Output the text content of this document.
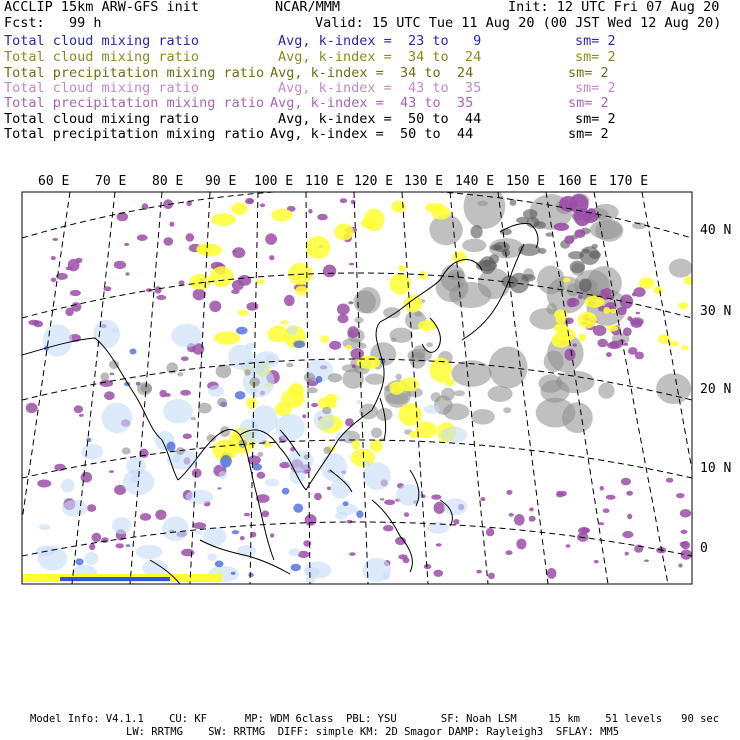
ACCLIP 15km ARW-GFS init	NCAR/MMM	Init: 12 UTC Fri 07 Aug 20
Fcst:   99 h	Valid: 15 UTC Tue 11 Aug 20 (00 JST Wed 12 Aug 20)
Total cloud mixing ratio	Avg, k-index =  23 to   9	sm= 2
Total cloud mixing ratio	Avg, k-index =  34 to  24	sm= 2
Total precipitation mixing ratio Avg, k-index =  34 to  24	sm= 2
Total cloud mixing ratio	Avg, k-index =  43 to  35	sm= 2
Total precipitation mixing ratio Avg, k-index =  43 to  35	sm= 2
Total cloud mixing ratio	Avg, k-index =  50 to  44	sm= 2
Total precipitation mixing ratio Avg, k-index =  50 to  44	sm= 2
60 E 70 E 80 E 90 E 100 E 110 E 120 E 130 E 140 E 150 E 160 E 170 E
40 N
30 N
20 N
10 N
0
Model Info: V4.1.1    CU: KF      MP: WDM 6class  PBL: YSU       SF: Noah LSM     15 km    51 levels   90 sec
LW: RRTMG    SW: RRTMG  DIFF: simple KM: 2D Smagor DAMP: Rayleigh3  SFLAY: MM5
